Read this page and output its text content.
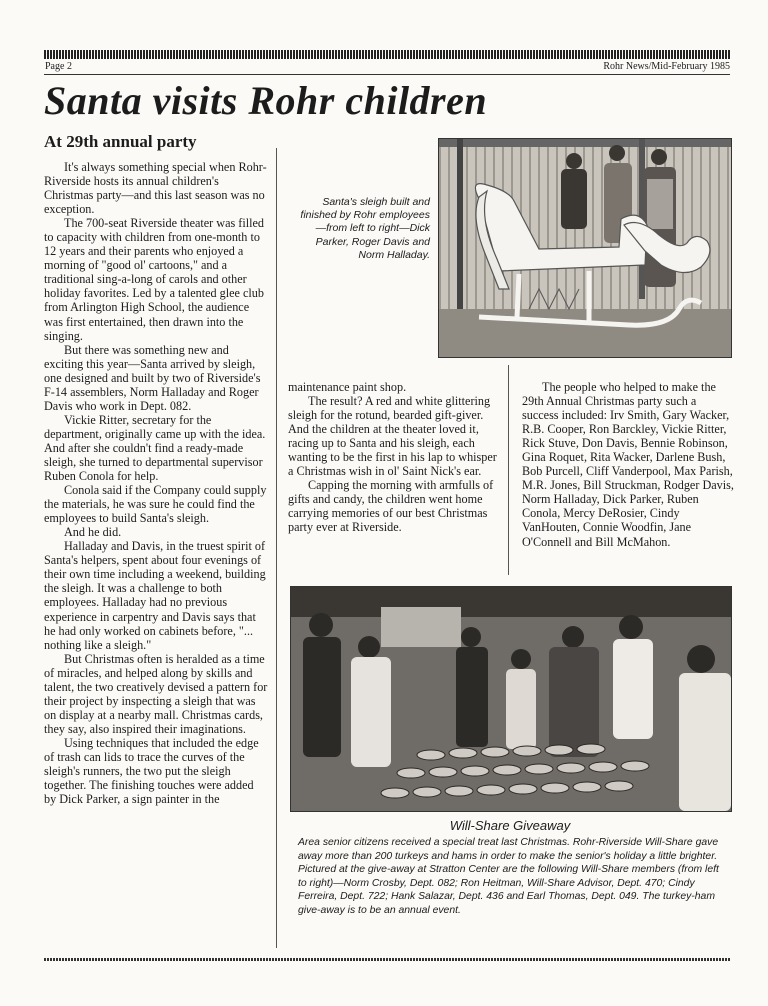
Page 2	Rohr News/Mid-February 1985
Santa visits Rohr children
At 29th annual party

It's always something special when Rohr-Riverside hosts its annual children's Christmas party—and this last season was no exception.

The 700-seat Riverside theater was filled to capacity with children from one-month to 12 years and their parents who enjoyed a morning of "good ol' cartoons," and a traditional sing-a-long of carols and other holiday favorites. Led by a talented glee club from Arlington High School, the audience was first entertained, then drawn into the singing.

But there was something new and exciting this year—Santa arrived by sleigh, one designed and built by two of Riverside's F-14 assemblers, Norm Halladay and Roger Davis who work in Dept. 082.

Vickie Ritter, secretary for the department, originally came up with the idea. And after she couldn't find a ready-made sleigh, she turned to departmental supervisor Ruben Conola for help.

Conola said if the Company could supply the materials, he was sure he could find the employees to build Santa's sleigh.

And he did.

Halladay and Davis, in the truest spirit of Santa's helpers, spent about four evenings of their own time including a weekend, building the sleigh. It was a challenge to both employees. Halladay had no previous experience in carpentry and Davis says that he had only worked on cabinets before, "... nothing like a sleigh."

But Christmas often is heralded as a time of miracles, and helped along by skills and talent, the two creatively devised a pattern for their project by inspecting a sleigh that was on display at a nearby mall. Christmas cards, they say, also inspired their imaginations.

Using techniques that included the edge of trash can lids to trace the curves of the sleigh's runners, the two put the sleigh together. The finishing touches were added by Dick Parker, a sign painter in the

Santa's sleigh built and finished by Rohr employees—from left to right—Dick Parker, Roger Davis and Norm Halladay.

maintenance paint shop.

The result? A red and white glittering sleigh for the rotund, bearded gift-giver. And the children at the theater loved it, racing up to Santa and his sleigh, each wanting to be the first in his lap to whisper a Christmas wish in ol' Saint Nick's ear.

Capping the morning with armfulls of gifts and candy, the children went home carrying memories of our best Christmas party ever at Riverside.

The people who helped to make the 29th Annual Christmas party such a success included: Irv Smith, Gary Wacker, R.B. Cooper, Ron Barckley, Vickie Ritter, Rick Stuve, Don Davis, Bennie Robinson, Gina Roquet, Rita Wacker, Darlene Bush, Bob Purcell, Cliff Vanderpool, Max Parish, M.R. Jones, Bill Struckman, Rodger Davis, Norm Halladay, Dick Parker, Ruben Conola, Mercy DeRosier, Cindy VanHouten, Connie Woodfin, Jane O'Connell and Bill McMahon.

Will-Share Giveaway
Area senior citizens received a special treat last Christmas. Rohr-Riverside Will-Share gave away more than 200 turkeys and hams in order to make the senior's holiday a little brighter. Pictured at the give-away at Stratton Center are the following Will-Share members (from left to right)—Norm Crosby, Dept. 082; Ron Heitman, Will-Share Advisor, Dept. 470; Cindy Ferreira, Dept. 722; Hank Salazar, Dept. 436 and Earl Thomas, Dept. 049. The turkey-ham give-away is to be an annual event.
